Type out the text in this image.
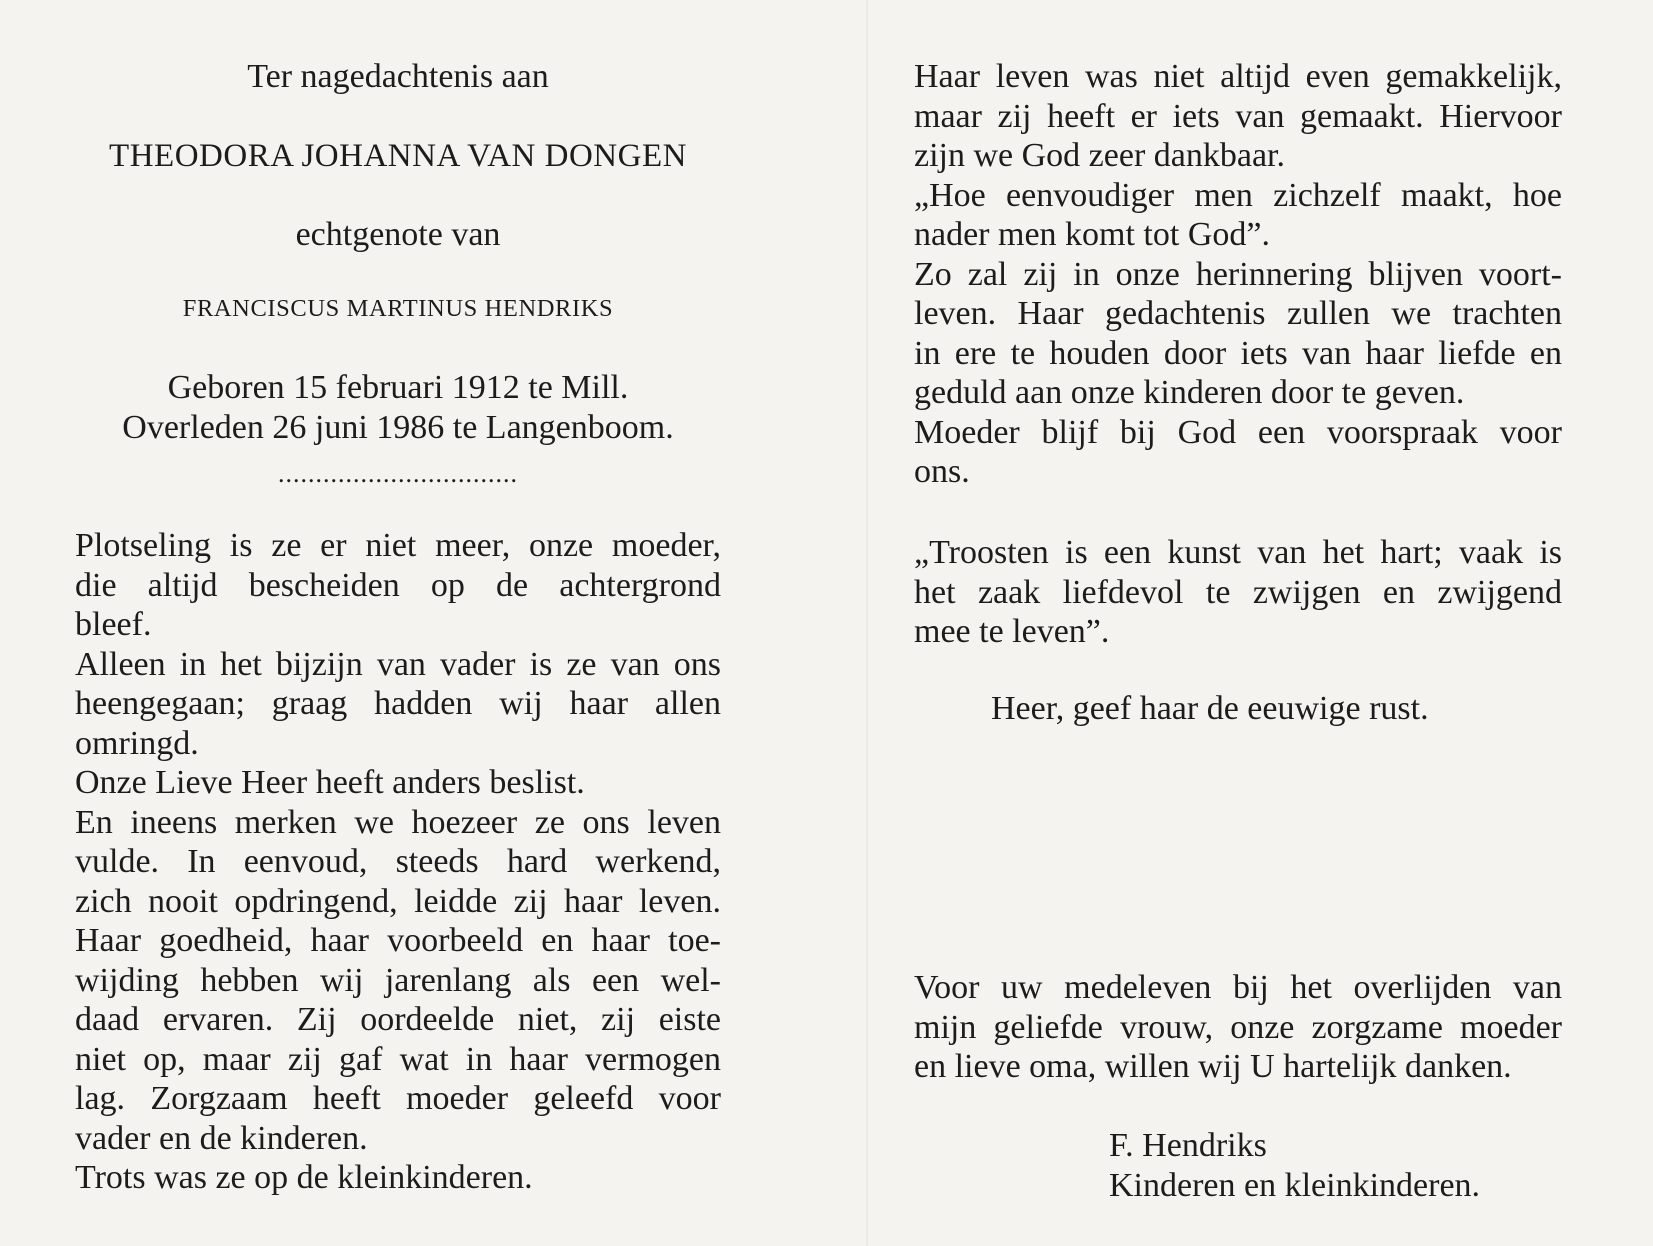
Ter nagedachtenis aan

THEODORA JOHANNA VAN DONGEN

echtgenote van

FRANCISCUS MARTINUS HENDRIKS

Geboren 15 februari 1912 te Mill.

Overleden 26 juni 1986 te Langenboom.

................................

Plotseling is ze er niet meer, onze moeder,

die altijd bescheiden op de achtergrond

bleef.

Alleen in het bijzijn van vader is ze van ons

heengegaan; graag hadden wij haar allen

omringd.

Onze Lieve Heer heeft anders beslist.

En ineens merken we hoezeer ze ons leven

vulde. In eenvoud, steeds hard werkend,

zich nooit opdringend, leidde zij haar leven.

Haar goedheid, haar voorbeeld en haar toe-

wijding hebben wij jarenlang als een wel-

daad ervaren. Zij oordeelde niet, zij eiste

niet op, maar zij gaf wat in haar vermogen

lag. Zorgzaam heeft moeder geleefd voor

vader en de kinderen.

Trots was ze op de kleinkinderen.

Haar leven was niet altijd even gemakkelijk,

maar zij heeft er iets van gemaakt. Hiervoor

zijn we God zeer dankbaar.

„Hoe eenvoudiger men zichzelf maakt, hoe

nader men komt tot God”.

Zo zal zij in onze herinnering blijven voort-

leven. Haar gedachtenis zullen we trachten

in ere te houden door iets van haar liefde en

geduld aan onze kinderen door te geven.

Moeder blijf bij God een voorspraak voor

ons.

„Troosten is een kunst van het hart; vaak is

het zaak liefdevol te zwijgen en zwijgend

mee te leven”.

Heer, geef haar de eeuwige rust.

Voor uw medeleven bij het overlijden van

mijn geliefde vrouw, onze zorgzame moeder

en lieve oma, willen wij U hartelijk danken.

F. Hendriks

Kinderen en kleinkinderen.
